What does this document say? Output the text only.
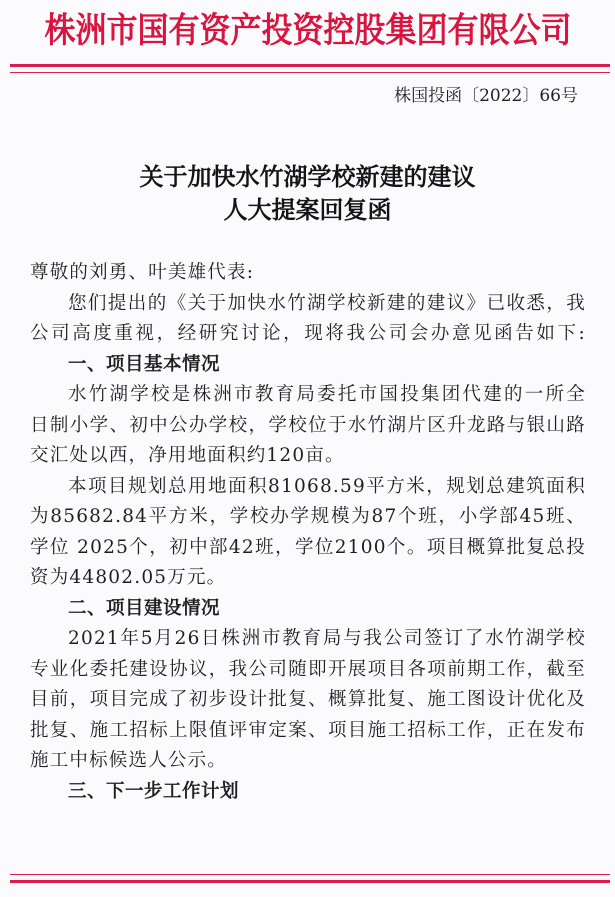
株洲市国有资产投资控股集团有限公司
株国投函〔2022〕66号
关于加快水竹湖学校新建的建议
人大提案回复函
尊敬的刘勇、叶美雄代表:
您们提出的《关于加快水竹湖学校新建的建议》已收悉，我
公司高度重视，经研究讨论，现将我公司会办意见函告如下:
一、项目基本情况
水竹湖学校是株洲市教育局委托市国投集团代建的一所全
日制小学、初中公办学校，学校位于水竹湖片区升龙路与银山路
交汇处以西，净用地面积约120亩。
本项目规划总用地面积81068.59平方米，规划总建筑面积
为85682.84平方米，学校办学规模为87个班，小学部45班、
学位 2025个，初中部42班，学位2100个。项目概算批复总投
资为44802.05万元。
二、项目建设情况
2021年5月26日株洲市教育局与我公司签订了水竹湖学校
专业化委托建设协议，我公司随即开展项目各项前期工作，截至
目前，项目完成了初步设计批复、概算批复、施工图设计优化及
批复、施工招标上限值评审定案、项目施工招标工作，正在发布
施工中标候选人公示。
三、下一步工作计划
